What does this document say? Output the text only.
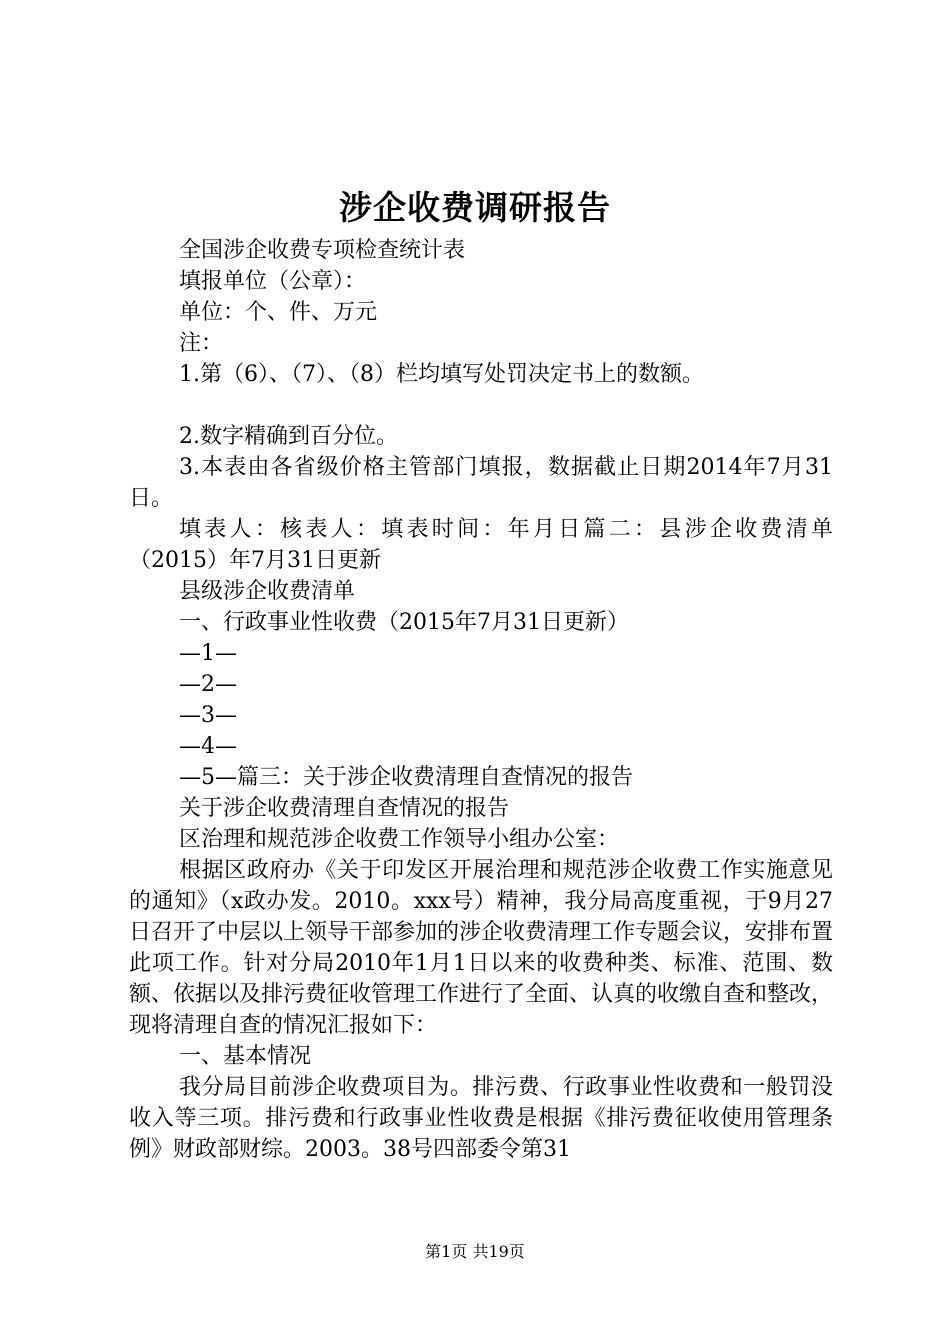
涉企收费调研报告

全国涉企收费专项检查统计表

填报单位（公章）：

单位：个、件、万元

注：

1.第（6）、（7）、（8）栏均填写处罚决定书上的数额。

2.数字精确到百分位。

3.本表由各省级价格主管部门填报，数据截止日期2014年7月31日。

填表人：核表人：填表时间：年月日篇二：县涉企收费清单（2015）年7月31日更新

县级涉企收费清单

一、行政事业性收费（2015年7月31日更新）

—1—

—2—

—3—

—4—

—5—篇三：关于涉企收费清理自查情况的报告

关于涉企收费清理自查情况的报告

区治理和规范涉企收费工作领导小组办公室：

根据区政府办《关于印发区开展治理和规范涉企收费工作实施意见的通知》（x政办发。2010。xxx号）精神，我分局高度重视，于9月27日召开了中层以上领导干部参加的涉企收费清理工作专题会议，安排布置此项工作。针对分局2010年1月1日以来的收费种类、标准、范围、数额、依据以及排污费征收管理工作进行了全面、认真的收缴自查和整改，现将清理自查的情况汇报如下：

一、基本情况

我分局目前涉企收费项目为。排污费、行政事业性收费和一般罚没收入等三项。排污费和行政事业性收费是根据《排污费征收使用管理条例》财政部财综。2003。38号四部委令第31

第1页 共19页
